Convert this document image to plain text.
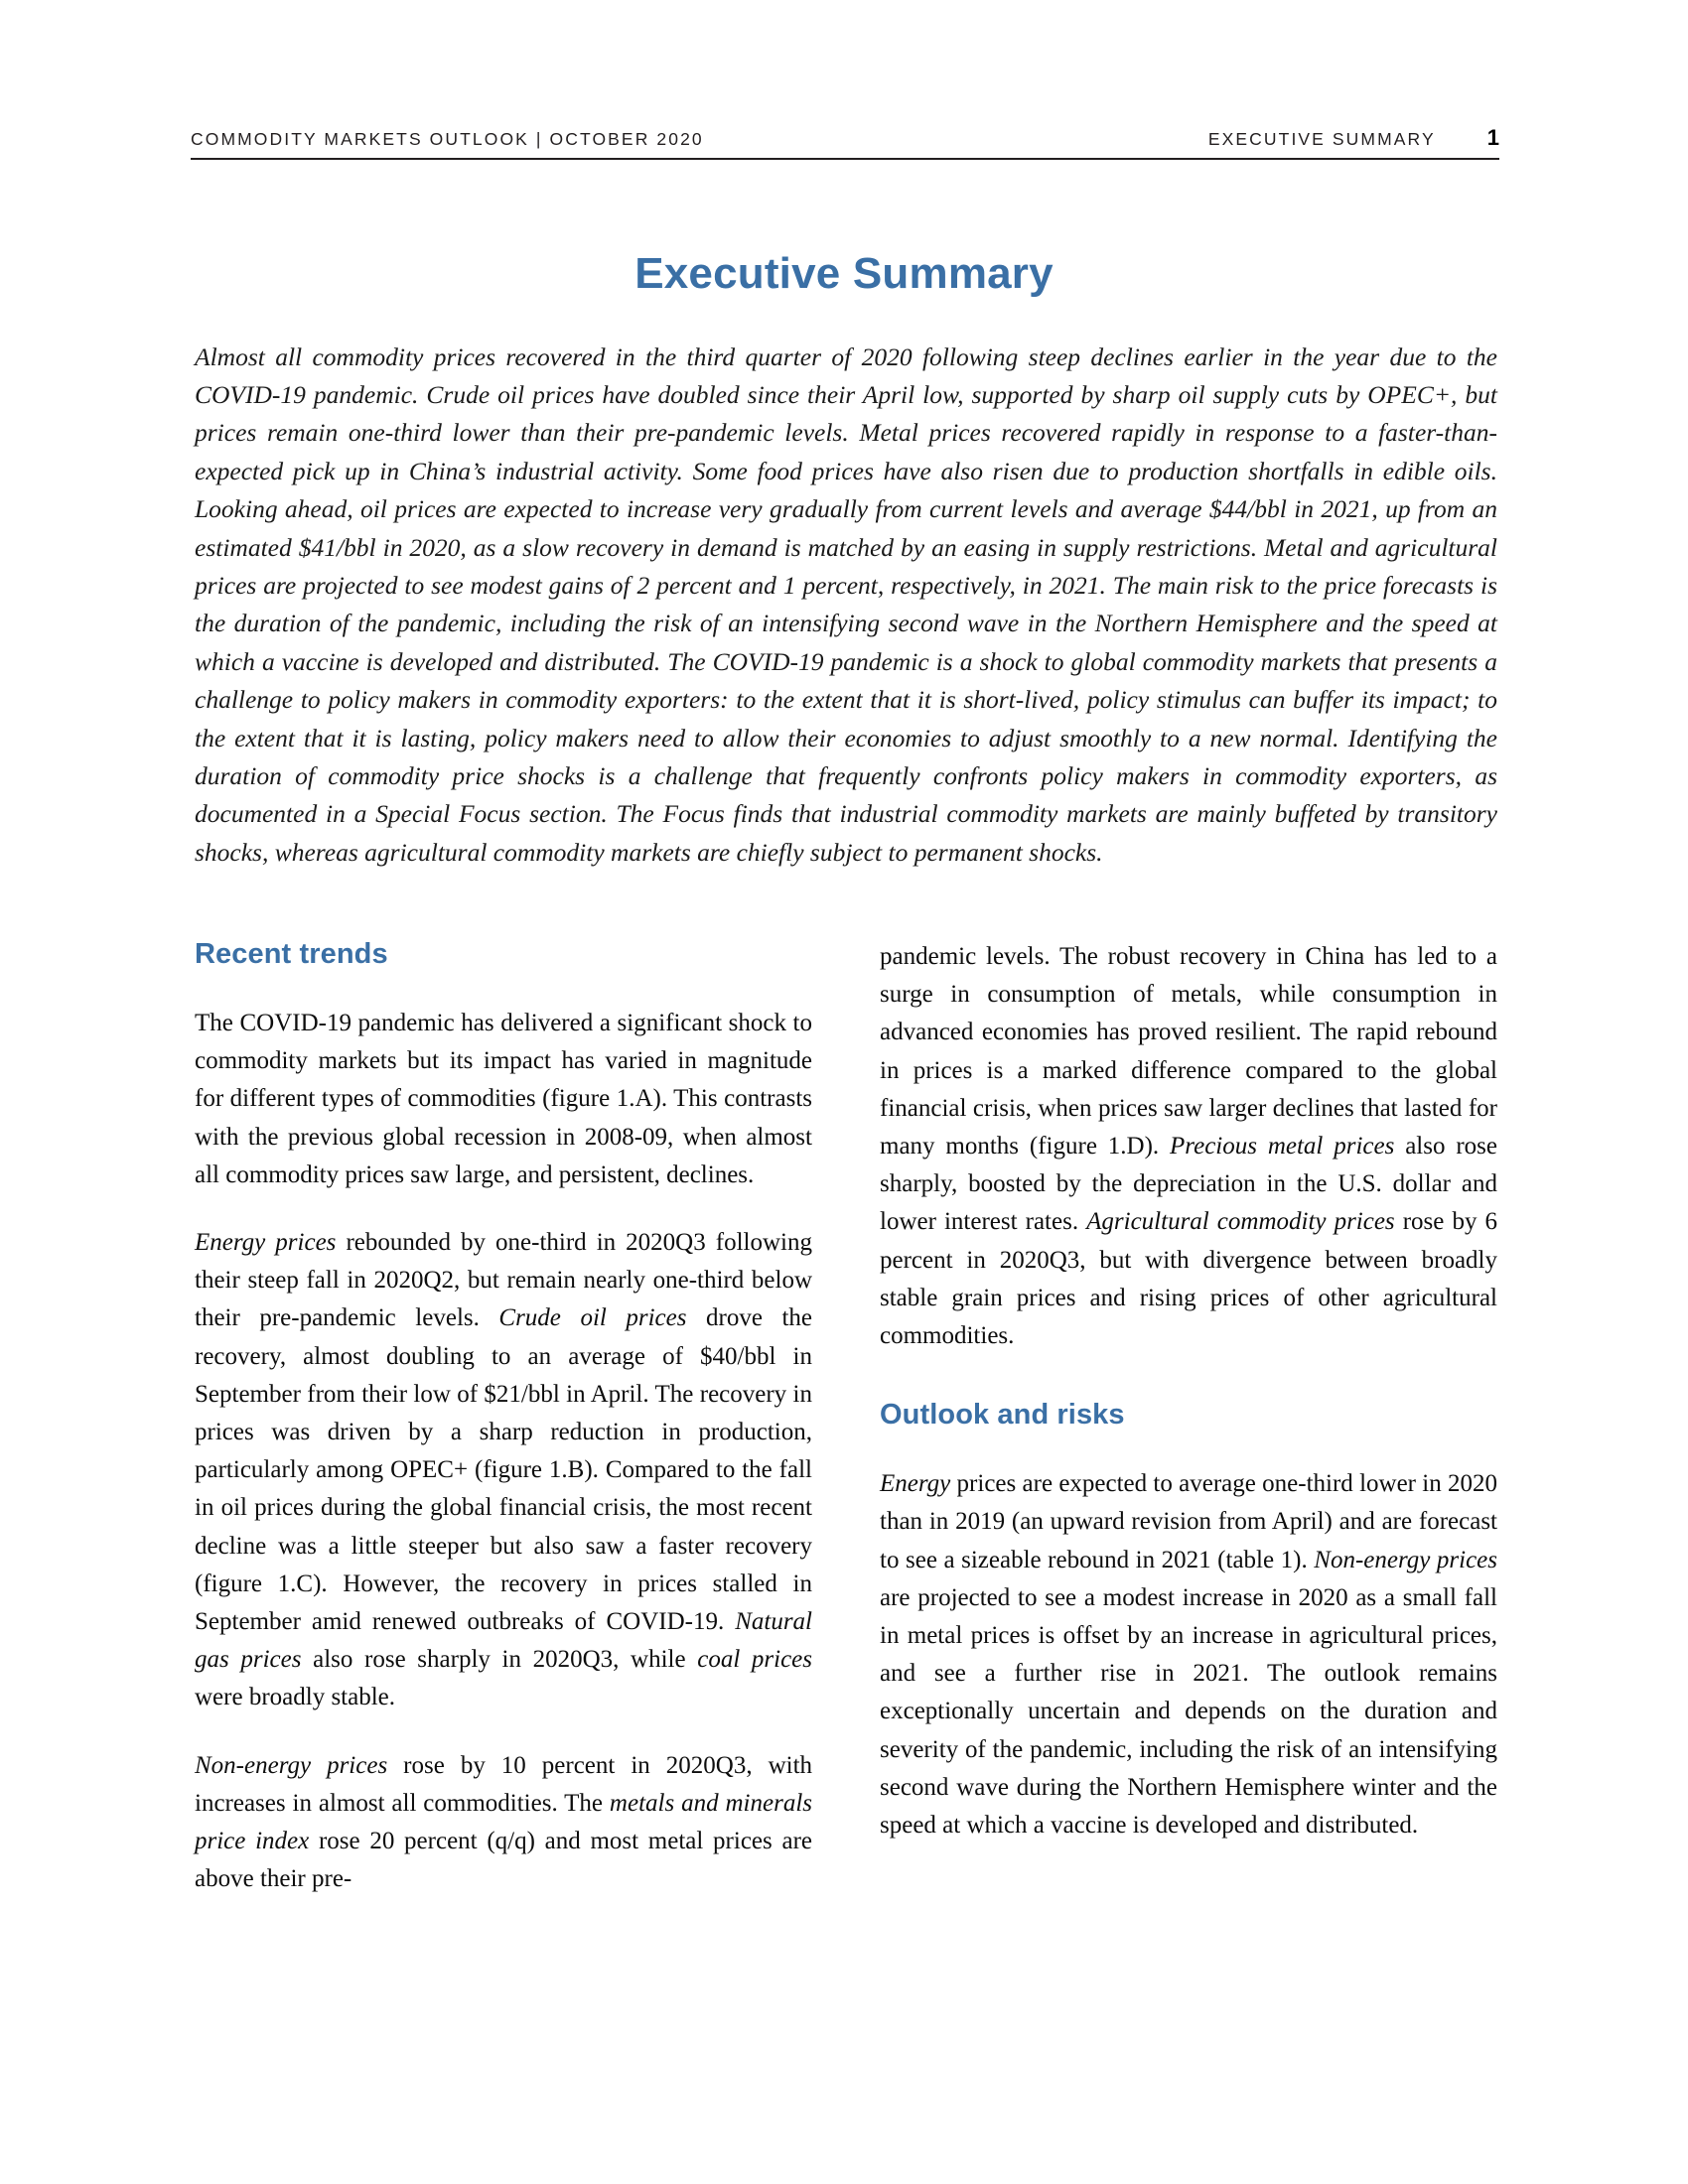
COMMODITY MARKETS OUTLOOK | OCTOBER 2020	EXECUTIVE SUMMARY 1
Executive Summary

Almost all commodity prices recovered in the third quarter of 2020 following steep declines earlier in the year due to the COVID-19 pandemic. Crude oil prices have doubled since their April low, supported by sharp oil supply cuts by OPEC+, but prices remain one-third lower than their pre-pandemic levels. Metal prices recovered rapidly in response to a faster-than-expected pick up in China’s industrial activity. Some food prices have also risen due to production shortfalls in edible oils. Looking ahead, oil prices are expected to increase very gradually from current levels and average $44/bbl in 2021, up from an estimated $41/bbl in 2020, as a slow recovery in demand is matched by an easing in supply restrictions. Metal and agricultural prices are projected to see modest gains of 2 percent and 1 percent, respectively, in 2021. The main risk to the price forecasts is the duration of the pandemic, including the risk of an intensifying second wave in the Northern Hemisphere and the speed at which a vaccine is developed and distributed. The COVID-19 pandemic is a shock to global commodity markets that presents a challenge to policy makers in commodity exporters: to the extent that it is short-lived, policy stimulus can buffer its impact; to the extent that it is lasting, policy makers need to allow their economies to adjust smoothly to a new normal. Identifying the duration of commodity price shocks is a challenge that frequently confronts policy makers in commodity exporters, as documented in a Special Focus section. The Focus finds that industrial commodity markets are mainly buffeted by transitory shocks, whereas agricultural commodity markets are chiefly subject to permanent shocks.

Recent trends

The COVID-19 pandemic has delivered a significant shock to commodity markets but its impact has varied in magnitude for different types of commodities (figure 1.A). This contrasts with the previous global recession in 2008-09, when almost all commodity prices saw large, and persistent, declines.

Energy prices rebounded by one-third in 2020Q3 following their steep fall in 2020Q2, but remain nearly one-third below their pre-pandemic levels. Crude oil prices drove the recovery, almost doubling to an average of $40/bbl in September from their low of $21/bbl in April. The recovery in prices was driven by a sharp reduction in production, particularly among OPEC+ (figure 1.B). Compared to the fall in oil prices during the global financial crisis, the most recent decline was a little steeper but also saw a faster recovery (figure 1.C). However, the recovery in prices stalled in September amid renewed outbreaks of COVID-19. Natural gas prices also rose sharply in 2020Q3, while coal prices were broadly stable.

Non-energy prices rose by 10 percent in 2020Q3, with increases in almost all commodities. The metals and minerals price index rose 20 percent (q/q) and most metal prices are above their pre-

pandemic levels. The robust recovery in China has led to a surge in consumption of metals, while consumption in advanced economies has proved resilient. The rapid rebound in prices is a marked difference compared to the global financial crisis, when prices saw larger declines that lasted for many months (figure 1.D). Precious metal prices also rose sharply, boosted by the depreciation in the U.S. dollar and lower interest rates. Agricultural commodity prices rose by 6 percent in 2020Q3, but with divergence between broadly stable grain prices and rising prices of other agricultural commodities.

Outlook and risks

Energy prices are expected to average one-third lower in 2020 than in 2019 (an upward revision from April) and are forecast to see a sizeable rebound in 2021 (table 1). Non-energy prices are projected to see a modest increase in 2020 as a small fall in metal prices is offset by an increase in agricultural prices, and see a further rise in 2021. The outlook remains exceptionally uncertain and depends on the duration and severity of the pandemic, including the risk of an intensifying second wave during the Northern Hemisphere winter and the speed at which a vaccine is developed and distributed.
